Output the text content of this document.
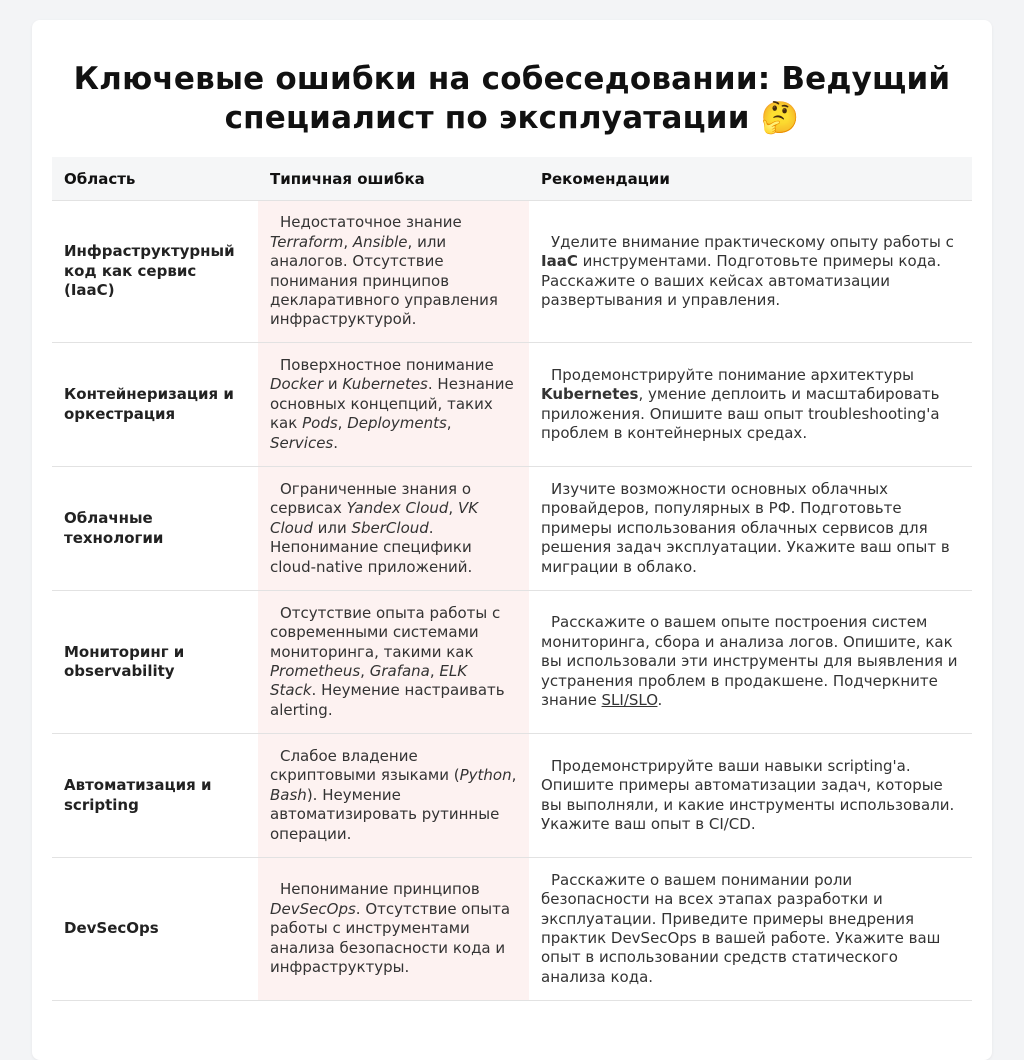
Ключевые ошибки на собеседовании: Ведущий специалист по эксплуатации 🤔
Область	Типичная ошибка	Рекомендации
Инфраструктурный код как сервис (IaaC)	Недостаточное знание Terraform, Ansible, или аналогов. Отсутствие понимания принципов декларативного управления инфраструктурой.	Уделите внимание практическому опыту работы с IaaC инструментами. Подготовьте примеры кода. Расскажите о ваших кейсах автоматизации развертывания и управления.
Контейнеризация и оркестрация	Поверхностное понимание Docker и Kubernetes. Незнание основных концепций, таких как Pods, Deployments, Services.	Продемонстрируйте понимание архитектуры Kubernetes, умение деплоить и масштабировать приложения. Опишите ваш опыт troubleshooting'а проблем в контейнерных средах.
Облачные технологии	Ограниченные знания о сервисах Yandex Cloud, VK Cloud или SberCloud. Непонимание специфики cloud-native приложений.	Изучите возможности основных облачных провайдеров, популярных в РФ. Подготовьте примеры использования облачных сервисов для решения задач эксплуатации. Укажите ваш опыт в миграции в облако.
Мониторинг и observability	Отсутствие опыта работы с современными системами мониторинга, такими как Prometheus, Grafana, ELK Stack. Неумение настраивать alerting.	Расскажите о вашем опыте построения систем мониторинга, сбора и анализа логов. Опишите, как вы использовали эти инструменты для выявления и устранения проблем в продакшене. Подчеркните знание SLI/SLO.
Автоматизация и scripting	Слабое владение скриптовыми языками (Python, Bash). Неумение автоматизировать рутинные операции.	Продемонстрируйте ваши навыки scripting'а. Опишите примеры автоматизации задач, которые вы выполняли, и какие инструменты использовали. Укажите ваш опыт в CI/CD.
DevSecOps	Непонимание принципов DevSecOps. Отсутствие опыта работы с инструментами анализа безопасности кода и инфраструктуры.	Расскажите о вашем понимании роли безопасности на всех этапах разработки и эксплуатации. Приведите примеры внедрения практик DevSecOps в вашей работе. Укажите ваш опыт в использовании средств статического анализа кода.
